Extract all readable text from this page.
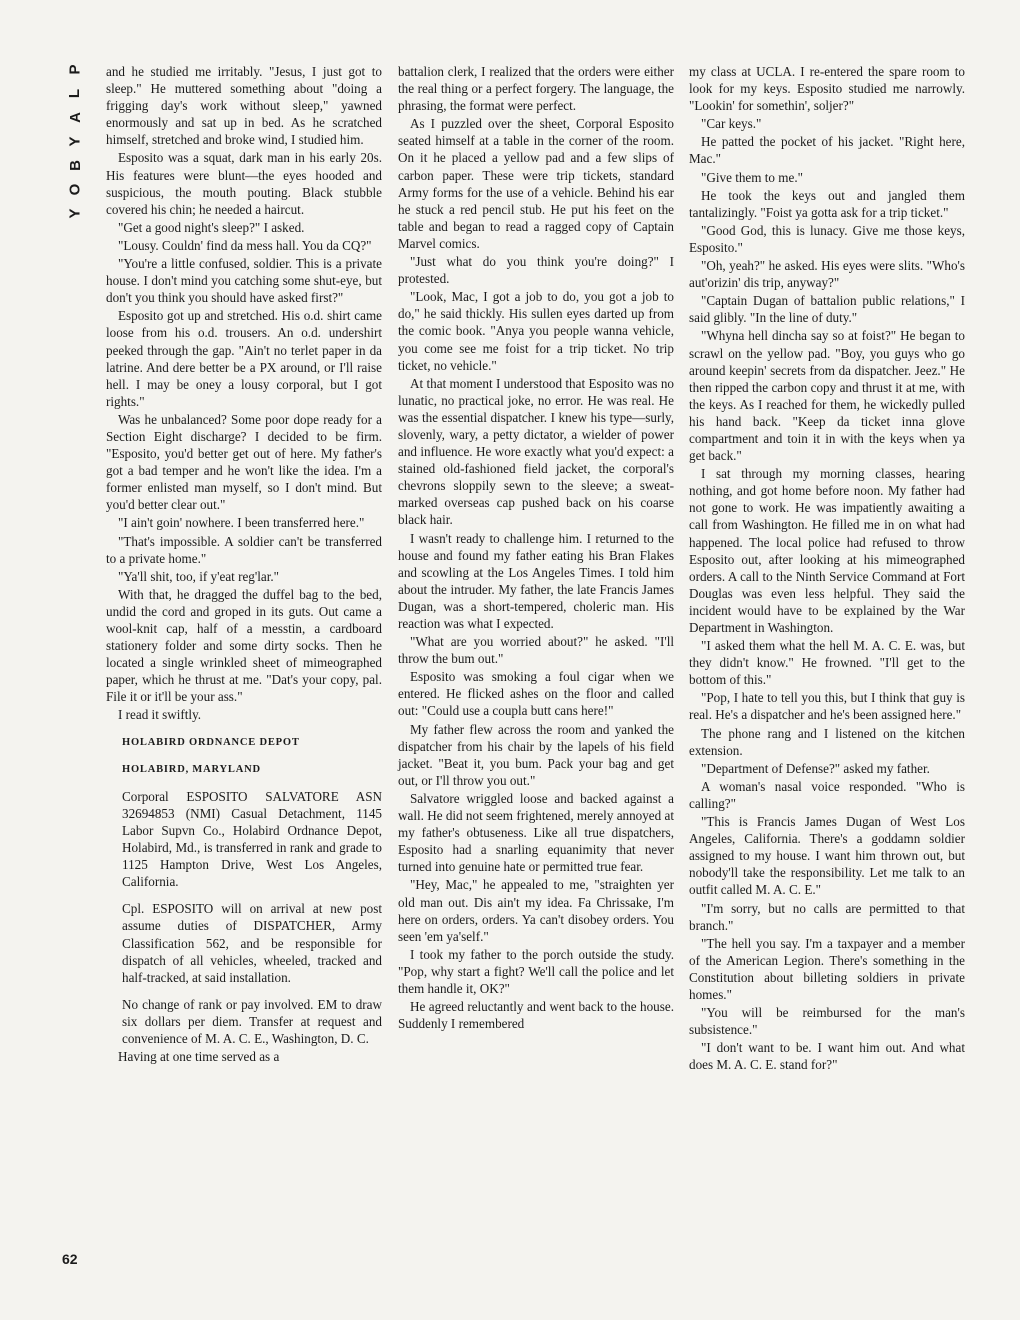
P
L
A
Y
B
O
Y
62

and he studied me irritably. "Jesus, I just got to sleep." He muttered something about "doing a frigging day's work without sleep," yawned enormously and sat up in bed. As he scratched himself, stretched and broke wind, I studied him.

Esposito was a squat, dark man in his early 20s. His features were blunt—the eyes hooded and suspicious, the mouth pouting. Black stubble covered his chin; he needed a haircut.

"Get a good night's sleep?" I asked.

"Lousy. Couldn' find da mess hall. You da CQ?"

"You're a little confused, soldier. This is a private house. I don't mind you catching some shut-eye, but don't you think you should have asked first?"

Esposito got up and stretched. His o.d. shirt came loose from his o.d. trousers. An o.d. undershirt peeked through the gap. "Ain't no terlet paper in da latrine. And dere better be a PX around, or I'll raise hell. I may be oney a lousy corporal, but I got rights."

Was he unbalanced? Some poor dope ready for a Section Eight discharge? I decided to be firm. "Esposito, you'd better get out of here. My father's got a bad temper and he won't like the idea. I'm a former enlisted man myself, so I don't mind. But you'd better clear out."

"I ain't goin' nowhere. I been transferred here."

"That's impossible. A soldier can't be transferred to a private home."

"Ya'll shit, too, if y'eat reg'lar."

With that, he dragged the duffel bag to the bed, undid the cord and groped in its guts. Out came a wool-knit cap, half of a messtin, a cardboard stationery folder and some dirty socks. Then he located a single wrinkled sheet of mimeographed paper, which he thrust at me. "Dat's your copy, pal. File it or it'll be your ass."

I read it swiftly.

HOLABIRD ORDNANCE DEPOT

HOLABIRD, MARYLAND

Corporal ESPOSITO SALVATORE ASN 32694853 (NMI) Casual Detachment, 1145 Labor Supvn Co., Holabird Ordnance Depot, Holabird, Md., is transferred in rank and grade to 1125 Hampton Drive, West Los Angeles, California.

Cpl. ESPOSITO will on arrival at new post assume duties of DISPATCHER, Army Classification 562, and be responsible for dispatch of all vehicles, wheeled, tracked and half-tracked, at said installation.

No change of rank or pay involved. EM to draw six dollars per diem. Transfer at request and convenience of M. A. C. E., Washington, D. C.

Having at one time served as a

battalion clerk, I realized that the orders were either the real thing or a perfect forgery. The language, the phrasing, the format were perfect.

As I puzzled over the sheet, Corporal Esposito seated himself at a table in the corner of the room. On it he placed a yellow pad and a few slips of carbon paper. These were trip tickets, standard Army forms for the use of a vehicle. Behind his ear he stuck a red pencil stub. He put his feet on the table and began to read a ragged copy of Captain Marvel comics.

"Just what do you think you're doing?" I protested.

"Look, Mac, I got a job to do, you got a job to do," he said thickly. His sullen eyes darted up from the comic book. "Anya you people wanna vehicle, you come see me foist for a trip ticket. No trip ticket, no vehicle."

At that moment I understood that Esposito was no lunatic, no practical joke, no error. He was real. He was the essential dispatcher. I knew his type—surly, slovenly, wary, a petty dictator, a wielder of power and influence. He wore exactly what you'd expect: a stained old-fashioned field jacket, the corporal's chevrons sloppily sewn to the sleeve; a sweat-marked overseas cap pushed back on his coarse black hair.

I wasn't ready to challenge him. I returned to the house and found my father eating his Bran Flakes and scowling at the Los Angeles Times. I told him about the intruder. My father, the late Francis James Dugan, was a short-tempered, choleric man. His reaction was what I expected.

"What are you worried about?" he asked. "I'll throw the bum out."

Esposito was smoking a foul cigar when we entered. He flicked ashes on the floor and called out: "Could use a coupla butt cans here!"

My father flew across the room and yanked the dispatcher from his chair by the lapels of his field jacket. "Beat it, you bum. Pack your bag and get out, or I'll throw you out."

Salvatore wriggled loose and backed against a wall. He did not seem frightened, merely annoyed at my father's obtuseness. Like all true dispatchers, Esposito had a snarling equanimity that never turned into genuine hate or permitted true fear.

"Hey, Mac," he appealed to me, "straighten yer old man out. Dis ain't my idea. Fa Chrissake, I'm here on orders, orders. Ya can't disobey orders. You seen 'em ya'self."

I took my father to the porch outside the study. "Pop, why start a fight? We'll call the police and let them handle it, OK?"

He agreed reluctantly and went back to the house. Suddenly I remembered

my class at UCLA. I re-entered the spare room to look for my keys. Esposito studied me narrowly. "Lookin' for somethin', soljer?"

"Car keys."

He patted the pocket of his jacket. "Right here, Mac."

"Give them to me."

He took the keys out and jangled them tantalizingly. "Foist ya gotta ask for a trip ticket."

"Good God, this is lunacy. Give me those keys, Esposito."

"Oh, yeah?" he asked. His eyes were slits. "Who's aut'orizin' dis trip, anyway?"

"Captain Dugan of battalion public relations," I said glibly. "In the line of duty."

"Whyna hell dincha say so at foist?" He began to scrawl on the yellow pad. "Boy, you guys who go around keepin' secrets from da dispatcher. Jeez." He then ripped the carbon copy and thrust it at me, with the keys. As I reached for them, he wickedly pulled his hand back. "Keep da ticket inna glove compartment and toin it in with the keys when ya get back."

I sat through my morning classes, hearing nothing, and got home before noon. My father had not gone to work. He was impatiently awaiting a call from Washington. He filled me in on what had happened. The local police had refused to throw Esposito out, after looking at his mimeographed orders. A call to the Ninth Service Command at Fort Douglas was even less helpful. They said the incident would have to be explained by the War Department in Washington.

"I asked them what the hell M. A. C. E. was, but they didn't know." He frowned. "I'll get to the bottom of this."

"Pop, I hate to tell you this, but I think that guy is real. He's a dispatcher and he's been assigned here."

The phone rang and I listened on the kitchen extension.

"Department of Defense?" asked my father.

A woman's nasal voice responded. "Who is calling?"

"This is Francis James Dugan of West Los Angeles, California. There's a goddamn soldier assigned to my house. I want him thrown out, but nobody'll take the responsibility. Let me talk to an outfit called M. A. C. E."

"I'm sorry, but no calls are permitted to that branch."

"The hell you say. I'm a taxpayer and a member of the American Legion. There's something in the Constitution about billeting soldiers in private homes."

"You will be reimbursed for the man's subsistence."

"I don't want to be. I want him out. And what does M. A. C. E. stand for?"
